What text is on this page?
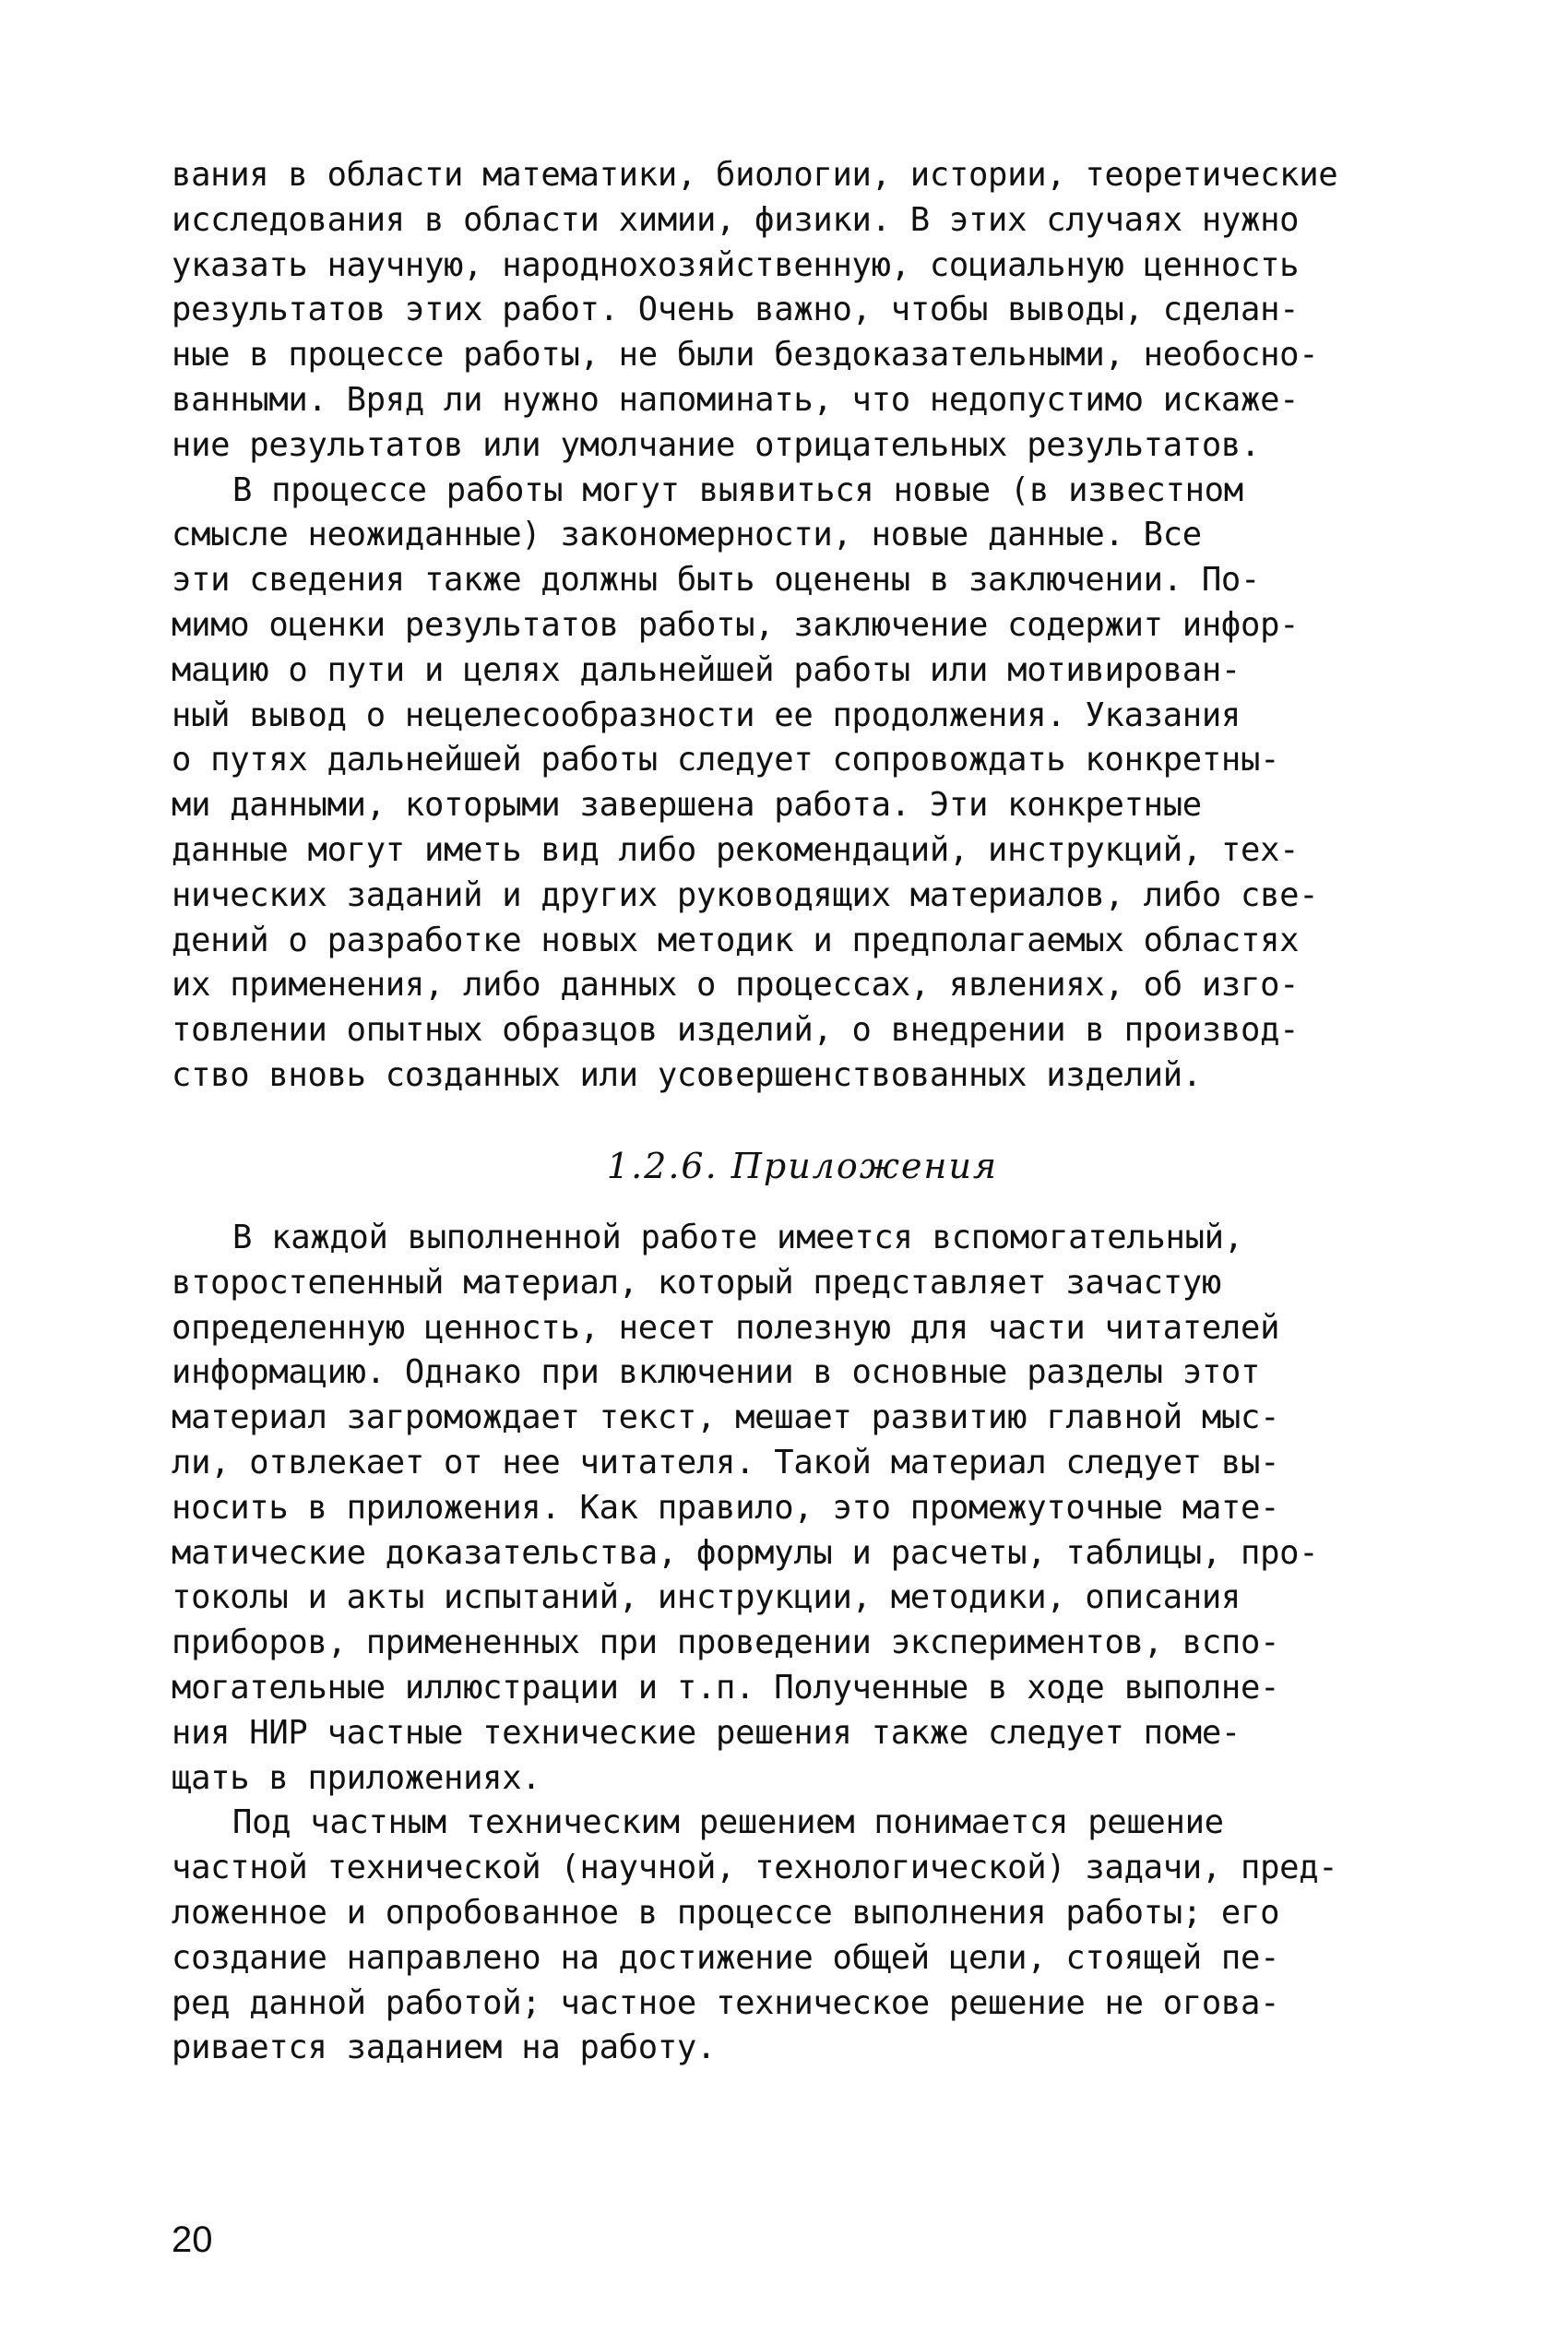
вания в области математики, биологии, истории, теоретические
исследования в области химии, физики. В этих случаях нужно
указать научную, народнохозяйственную, социальную ценность
результатов этих работ. Очень важно, чтобы выводы, сделан-
ные в процессе работы, не были бездоказательными, необосно-
ванными. Вряд ли нужно напоминать, что недопустимо искаже-
ние результатов или умолчание отрицательных результатов.

В процессе работы могут выявиться новые (в известном
смысле неожиданные) закономерности, новые данные. Все
эти сведения также должны быть оценены в заключении. По-
мимо оценки результатов работы, заключение содержит инфор-
мацию о пути и целях дальнейшей работы или мотивирован-
ный вывод о нецелесообразности ее продолжения. Указания
о путях дальнейшей работы следует сопровождать конкретны-
ми данными, которыми завершена работа. Эти конкретные
данные могут иметь вид либо рекомендаций, инструкций, тех-
нических заданий и других руководящих материалов, либо све-
дений о разработке новых методик и предполагаемых областях
их применения, либо данных о процессах, явлениях, об изго-
товлении опытных образцов изделий, о внедрении в производ-
ство вновь созданных или усовершенствованных изделий.

1.2.6. Приложения

В каждой выполненной работе имеется вспомогательный,
второстепенный материал, который представляет зачастую
определенную ценность, несет полезную для части читателей
информацию. Однако при включении в основные разделы этот
материал загромождает текст, мешает развитию главной мыс-
ли, отвлекает от нее читателя. Такой материал следует вы-
носить в приложения. Как правило, это промежуточные мате-
матические доказательства, формулы и расчеты, таблицы, про-
токолы и акты испытаний, инструкции, методики, описания
приборов, примененных при проведении экспериментов, вспо-
могательные иллюстрации и т.п. Полученные в ходе выполне-
ния НИР частные технические решения также следует поме-
щать в приложениях.

Под частным техническим решением понимается решение
частной технической (научной, технологической) задачи, пред-
ложенное и опробованное в процессе выполнения работы; его
создание направлено на достижение общей цели, стоящей пе-
ред данной работой; частное техническое решение не огова-
ривается заданием на работу.

20
